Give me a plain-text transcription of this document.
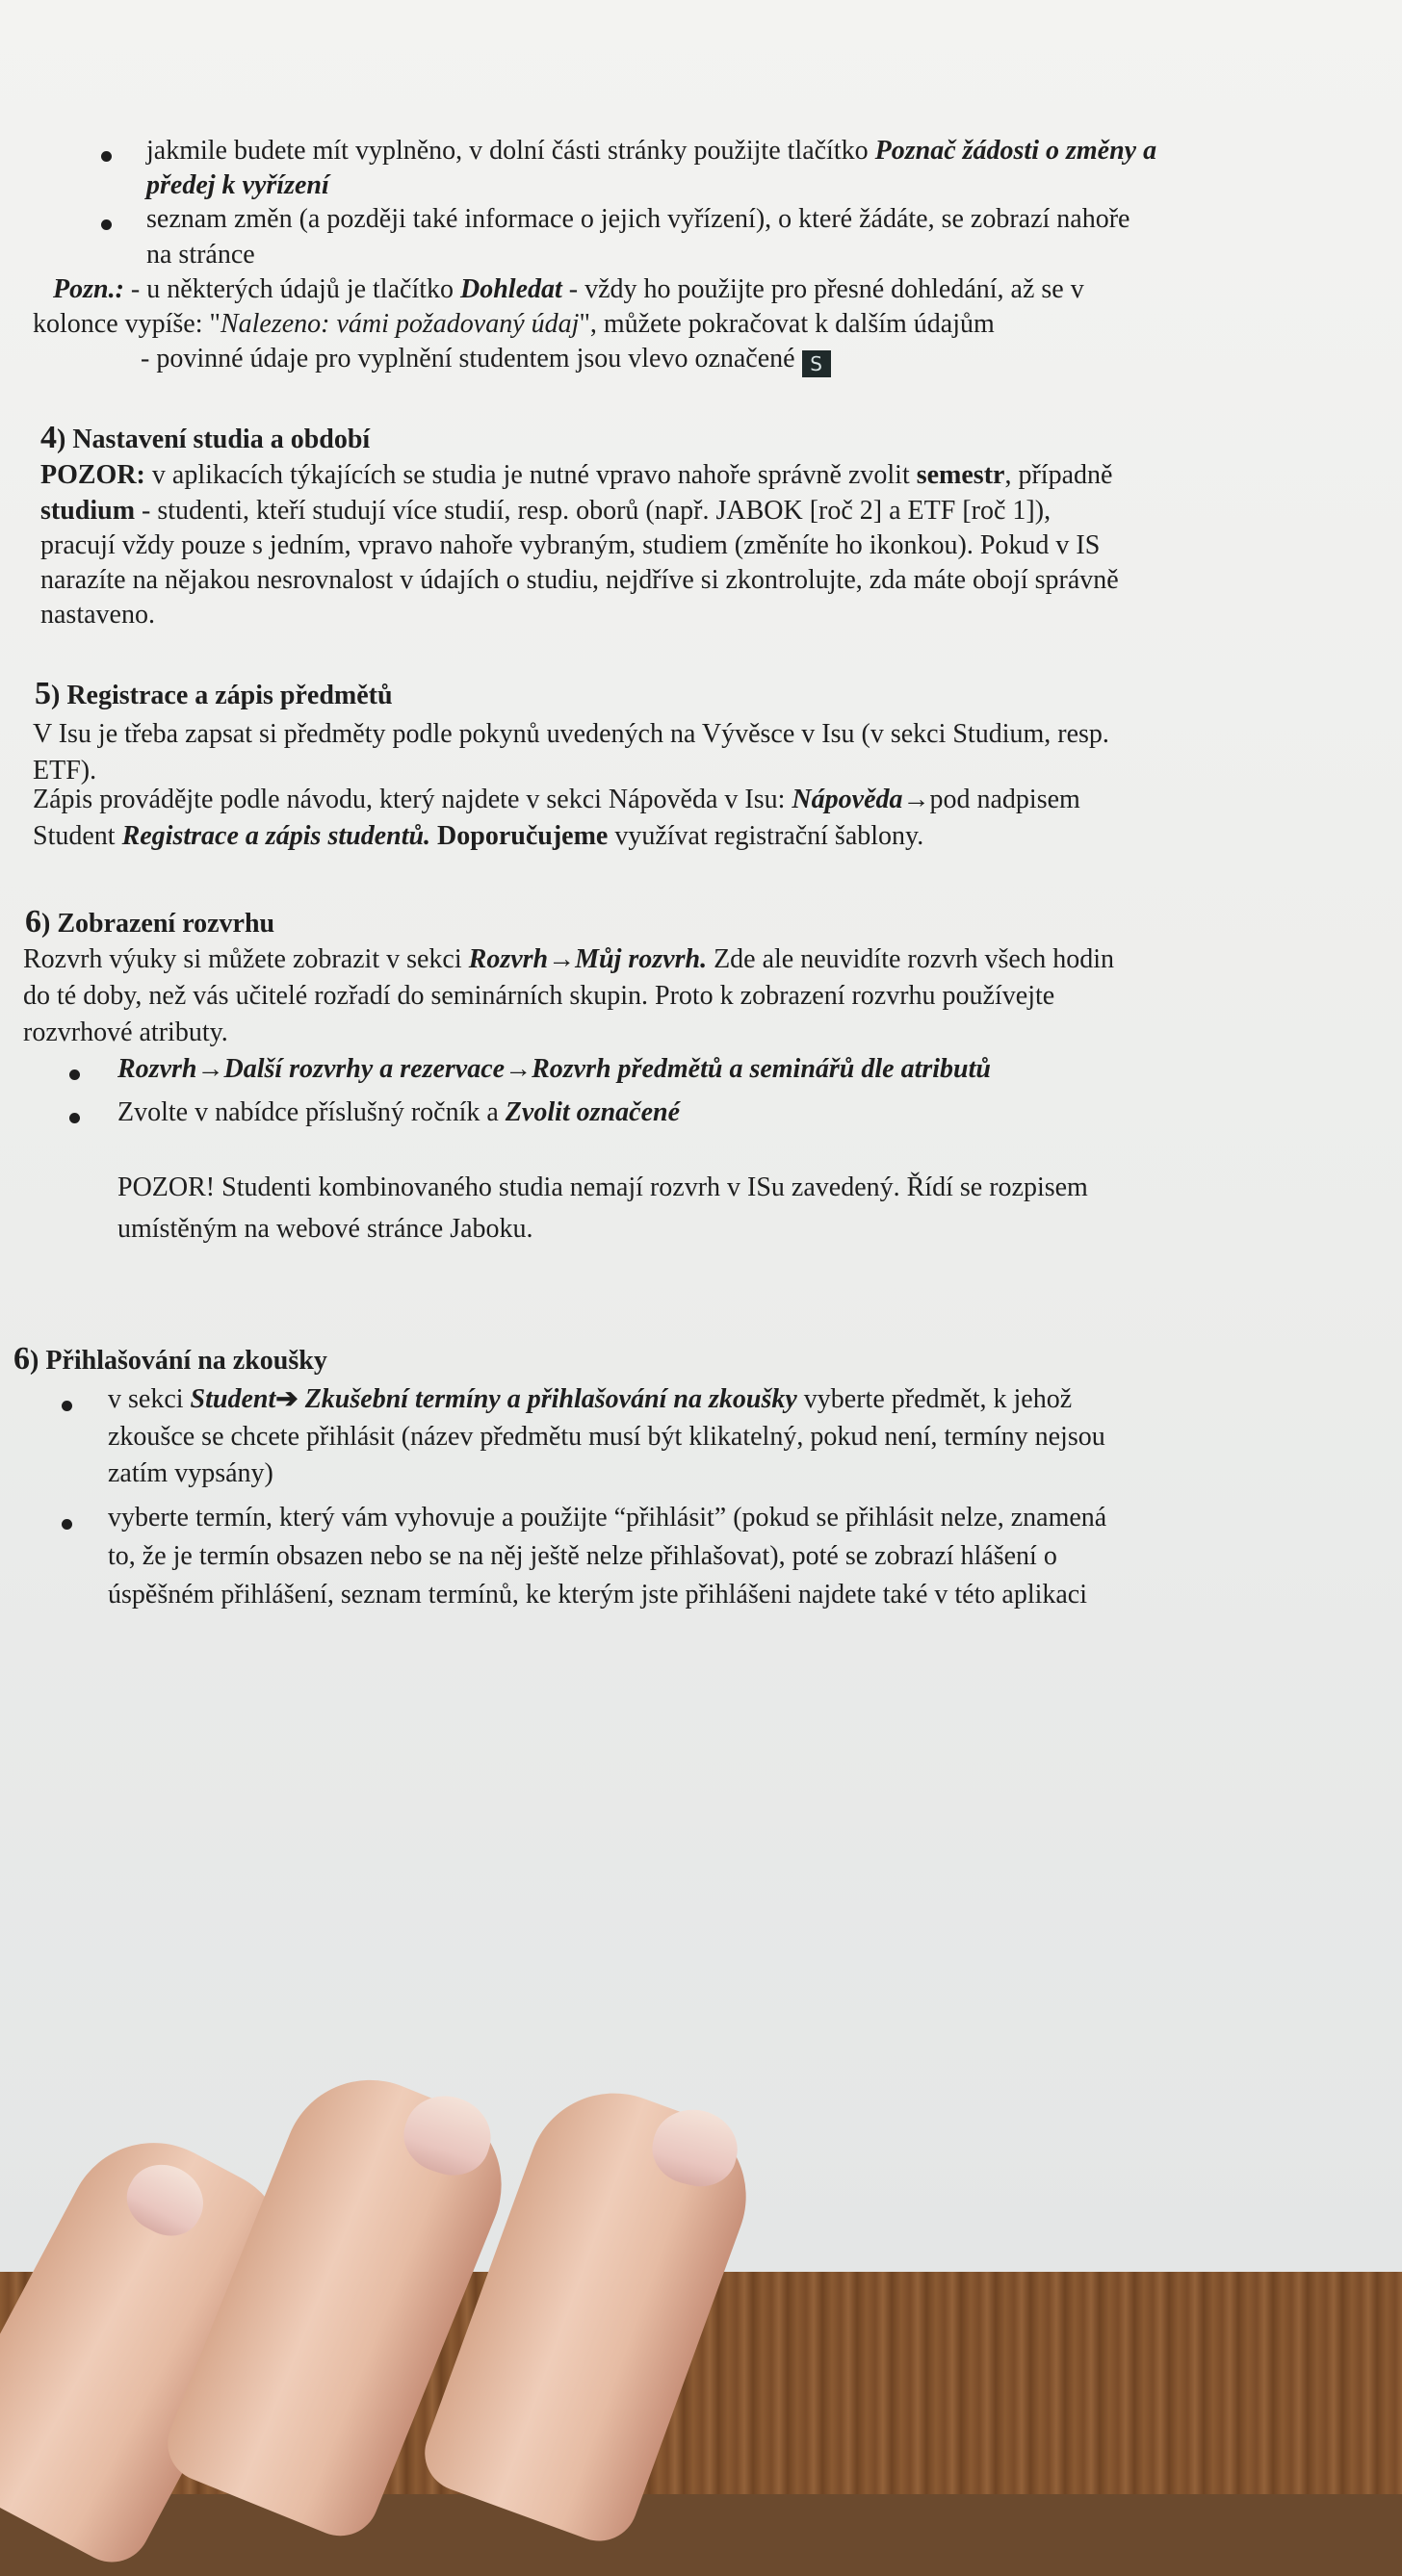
jakmile budete mít vyplněno, v dolní části stránky použijte tlačítko Poznač žádosti o změny a
předej k vyřízení
seznam změn (a později také informace o jejich vyřízení), o které žádáte, se zobrazí nahoře
na stránce
Pozn.: - u některých údajů je tlačítko Dohledat - vždy ho použijte pro přesné dohledání, až se v
kolonce vypíše: "Nalezeno: vámi požadovaný údaj", můžete pokračovat k dalším údajům
- povinné údaje pro vyplnění studentem jsou vlevo označené S
4) Nastavení studia a období
POZOR: v aplikacích týkajících se studia je nutné vpravo nahoře správně zvolit semestr, případně
studium - studenti, kteří studují více studií, resp. oborů (např. JABOK [roč 2] a ETF [roč 1]),
pracují vždy pouze s jedním, vpravo nahoře vybraným, studiem (změníte ho ikonkou). Pokud v IS
narazíte na nějakou nesrovnalost v údajích o studiu, nejdříve si zkontrolujte, zda máte obojí správně
nastaveno.
5) Registrace a zápis předmětů
V Isu je třeba zapsat si předměty podle pokynů uvedených na Vývěsce v Isu (v sekci Studium, resp.
ETF).
Zápis provádějte podle návodu, který najdete v sekci Nápověda v Isu: Nápověda→pod nadpisem
Student Registrace a zápis studentů. Doporučujeme využívat registrační šablony.
6) Zobrazení rozvrhu
Rozvrh výuky si můžete zobrazit v sekci Rozvrh→Můj rozvrh. Zde ale neuvidíte rozvrh všech hodin
do té doby, než vás učitelé rozřadí do seminárních skupin. Proto k zobrazení rozvrhu používejte
rozvrhové atributy.
Rozvrh→Další rozvrhy a rezervace→Rozvrh předmětů a seminářů dle atributů
Zvolte v nabídce příslušný ročník a Zvolit označené
POZOR! Studenti kombinovaného studia nemají rozvrh v ISu zavedený. Řídí se rozpisem
umístěným na webové stránce Jaboku.
6) Přihlašování na zkoušky
v sekci Student➔ Zkušební termíny a přihlašování na zkoušky vyberte předmět, k jehož
zkoušce se chcete přihlásit (název předmětu musí být klikatelný, pokud není, termíny nejsou
zatím vypsány)
vyberte termín, který vám vyhovuje a použijte “přihlásit” (pokud se přihlásit nelze, znamená
to, že je termín obsazen nebo se na něj ještě nelze přihlašovat), poté se zobrazí hlášení o
úspěšném přihlášení, seznam termínů, ke kterým jste přihlášeni najdete také v této aplikaci
